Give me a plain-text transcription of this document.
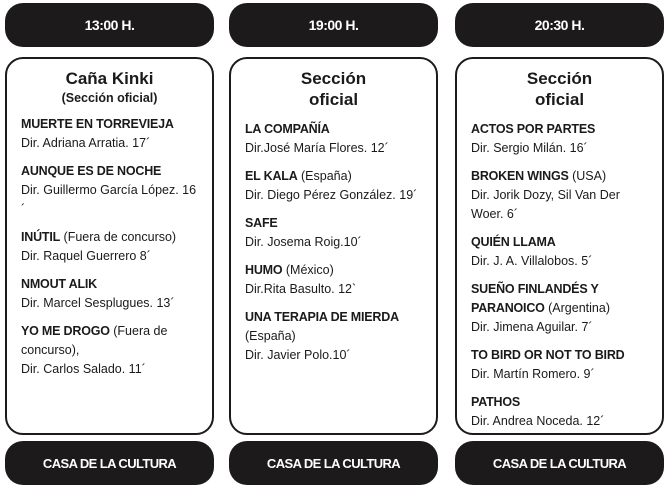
13:00 H.
Caña Kinki
(Sección oficial)
MUERTE EN TORREVIEJA
Dir. Adriana Arratia. 17´
AUNQUE ES DE NOCHE
Dir. Guillermo García López. 16´
INÚTIL (Fuera de concurso)
Dir. Raquel Guerrero 8´
NMOUT ALIK
Dir. Marcel Sesplugues. 13´
YO ME DROGO (Fuera de concurso),
Dir. Carlos Salado. 11´
CASA DE LA CULTURA
19:00 H.
Sección oficial
LA COMPAÑÍA
Dir.José María Flores. 12´
EL KALA (España)
Dir. Diego Pérez González. 19´
SAFE
Dir. Josema Roig.10´
HUMO (México)
Dir.Rita Basulto. 12`
UNA TERAPIA DE MIERDA (España)
Dir. Javier Polo.10´
CASA DE LA CULTURA
20:30 H.
Sección oficial
ACTOS POR PARTES
Dir. Sergio Milán. 16´
BROKEN WINGS (USA)
Dir. Jorik Dozy, Sil Van Der Woer. 6´
QUIÉN LLAMA
Dir. J. A. Villalobos. 5´
SUEÑO FINLANDÉS Y PARANOICO (Argentina)
Dir. Jimena Aguilar. 7´
TO BIRD OR NOT TO BIRD
Dir. Martín Romero. 9´
PATHOS
Dir. Andrea Noceda. 12´
CASA DE LA CULTURA
